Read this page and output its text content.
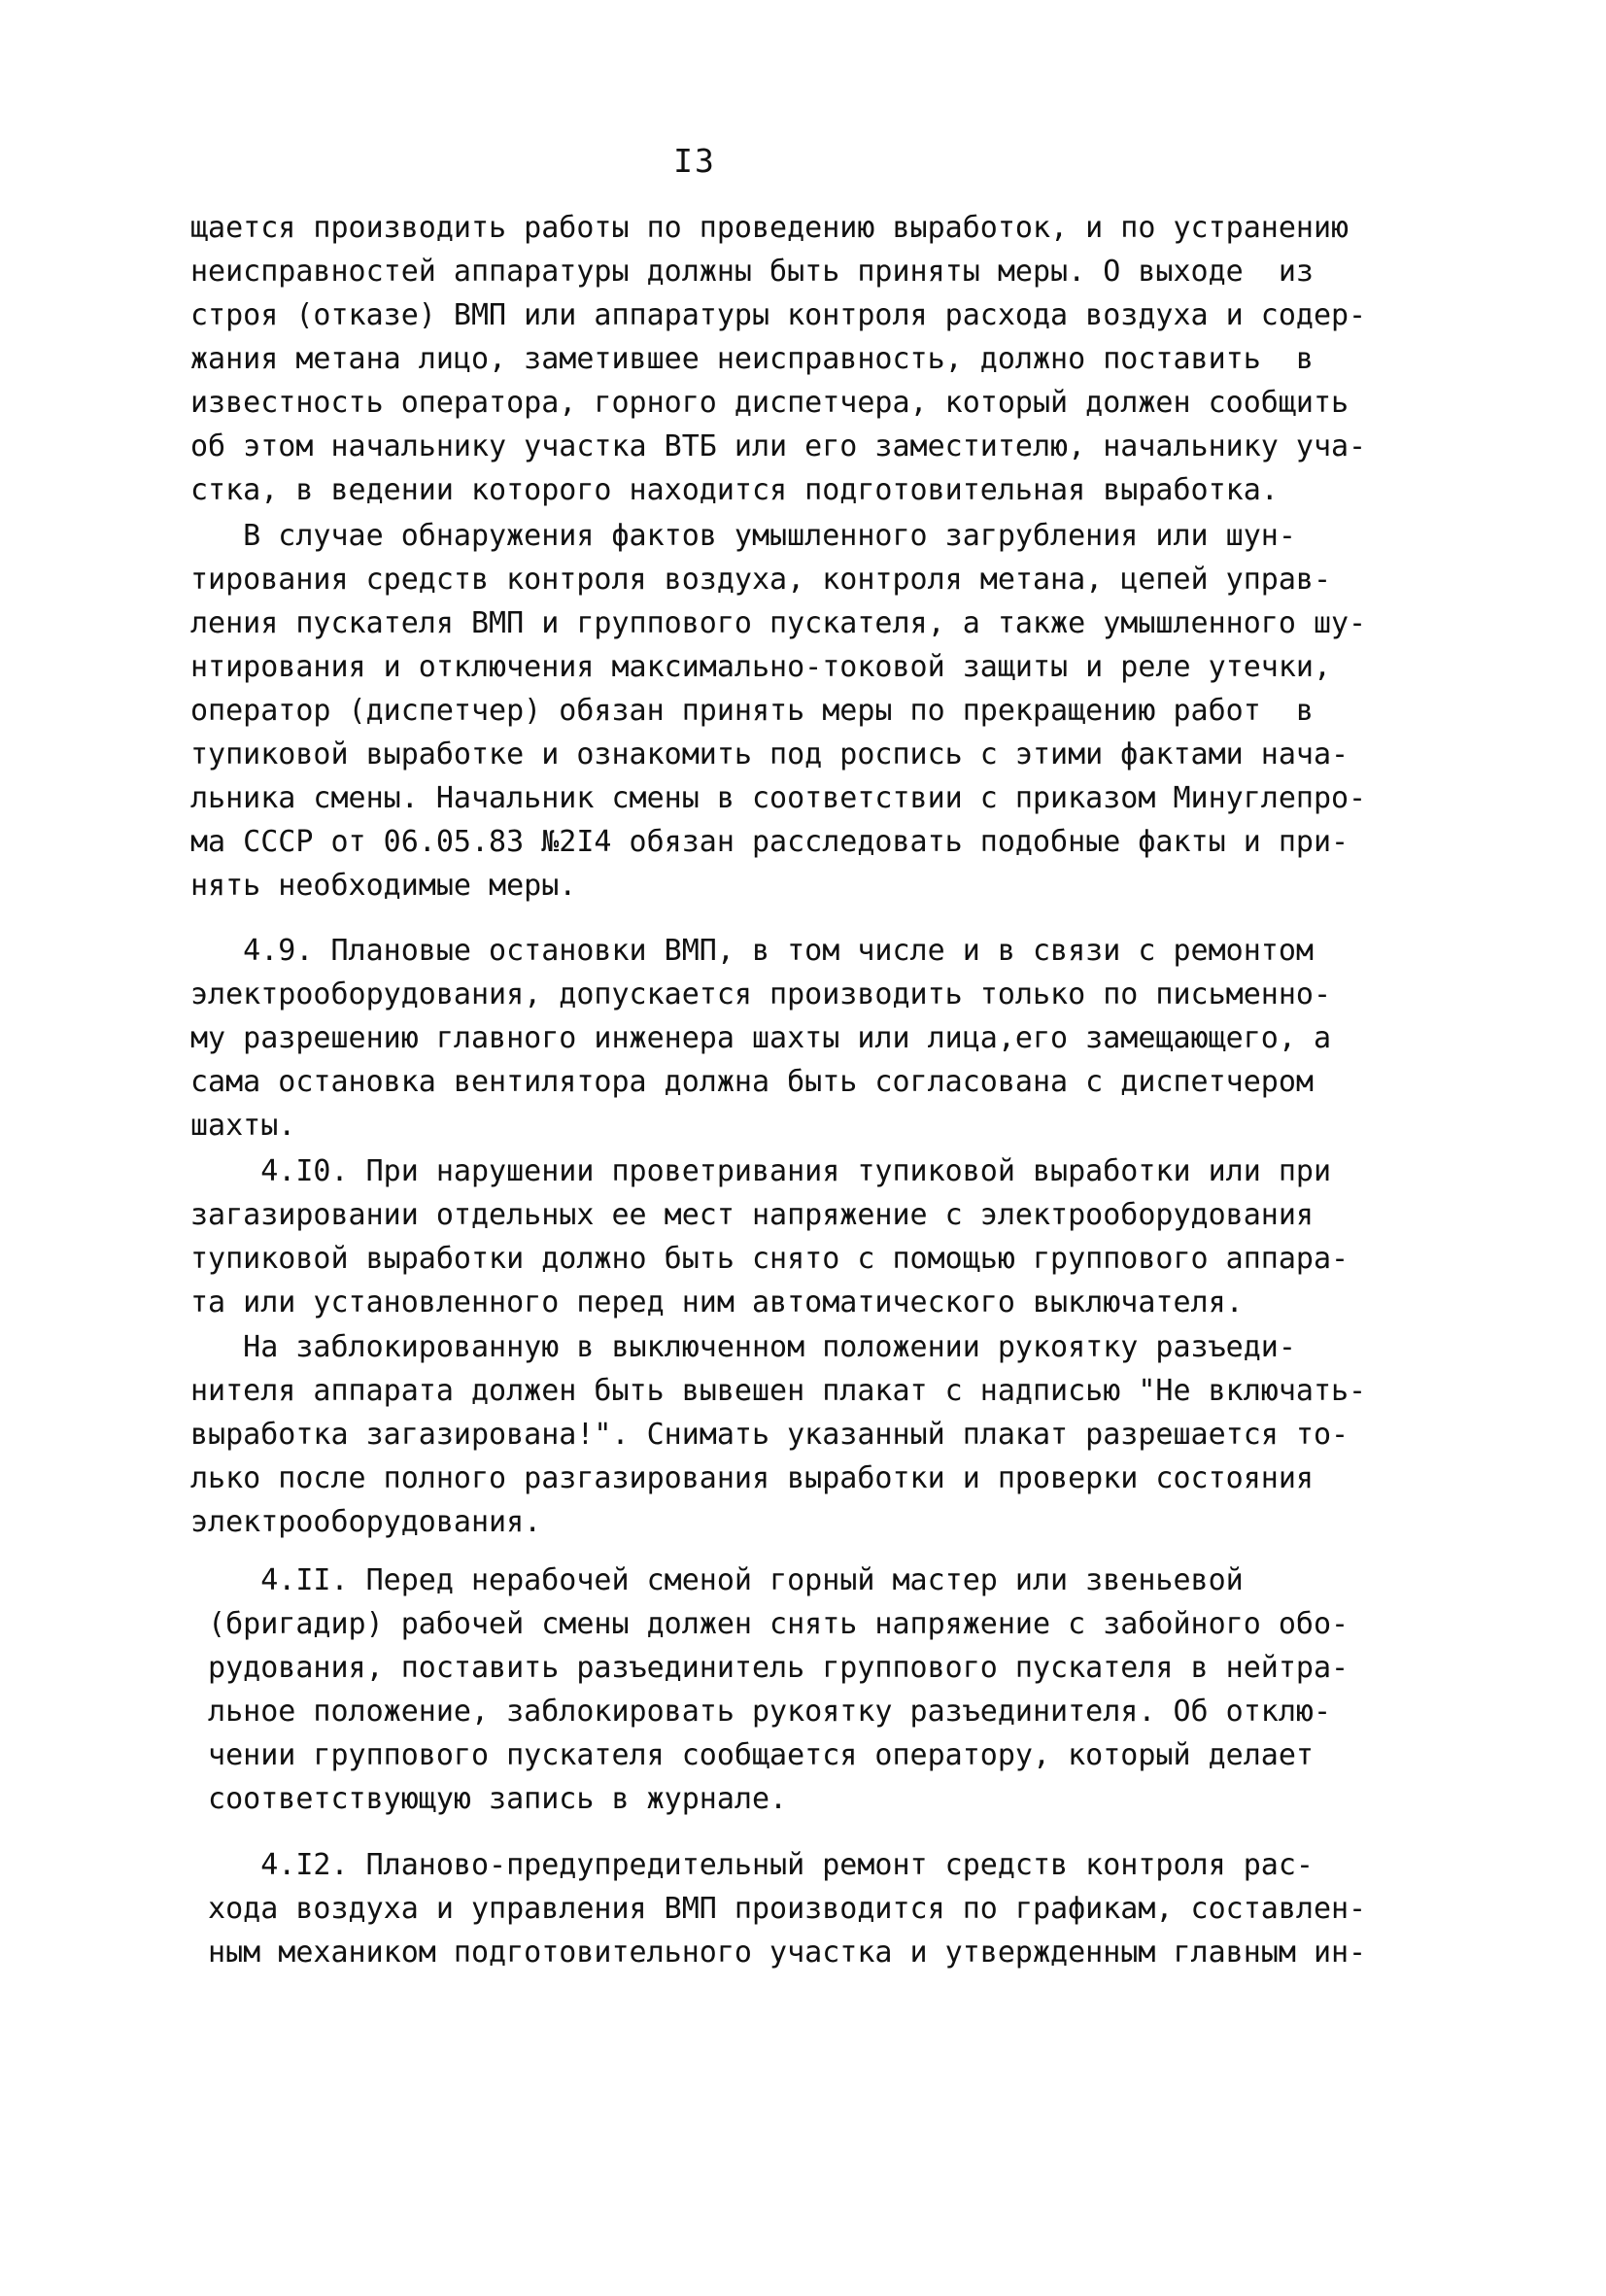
I3
щается производить работы по проведению выработок, и по устранению
неисправностей аппаратуры должны быть приняты меры. О выходе  из
строя (отказе) ВМП или аппаратуры контроля расхода воздуха и содер-
жания метана лицо, заметившее неисправность, должно поставить  в
известность оператора, горного диспетчера, который должен сообщить
об этом начальнику участка ВТБ или его заместителю, начальнику уча-
стка, в ведении которого находится подготовительная выработка.
В случае обнаружения фактов умышленного загрубления или шун-
тирования средств контроля воздуха, контроля метана, цепей управ-
ления пускателя ВМП и группового пускателя, а также умышленного шу-
нтирования и отключения максимально-токовой защиты и реле утечки,
оператор (диспетчер) обязан принять меры по прекращению работ  в
тупиковой выработке и ознакомить под роспись с этими фактами нача-
льника смены. Начальник смены в соответствии с приказом Минуглепро-
ма СССР от 06.05.83 №2I4 обязан расследовать подобные факты и при-
нять необходимые меры.
4.9. Плановые остановки ВМП, в том числе и в связи с ремонтом
электрооборудования, допускается производить только по письменно-
му разрешению главного инженера шахты или лица,его замещающего, а
сама остановка вентилятора должна быть согласована с диспетчером
шахты.
4.I0. При нарушении проветривания тупиковой выработки или при
загазировании отдельных ее мест напряжение с электрооборудования
тупиковой выработки должно быть снято с помощью группового аппара-
та или установленного перед ним автоматического выключателя.
На заблокированную в выключенном положении рукоятку разъеди-
нителя аппарата должен быть вывешен плакат с надписью "Не включать-
выработка загазирована!". Снимать указанный плакат разрешается то-
лько после полного разгазирования выработки и проверки состояния
электрооборудования.
4.II. Перед нерабочей сменой горный мастер или звеньевой
(бригадир) рабочей смены должен снять напряжение с забойного обо-
рудования, поставить разъединитель группового пускателя в нейтра-
льное положение, заблокировать рукоятку разъединителя. Об отклю-
чении группового пускателя сообщается оператору, который делает
соответствующую запись в журнале.
4.I2. Планово-предупредительный ремонт средств контроля рас-
хода воздуха и управления ВМП производится по графикам, составлен-
ным механиком подготовительного участка и утвержденным главным ин-
